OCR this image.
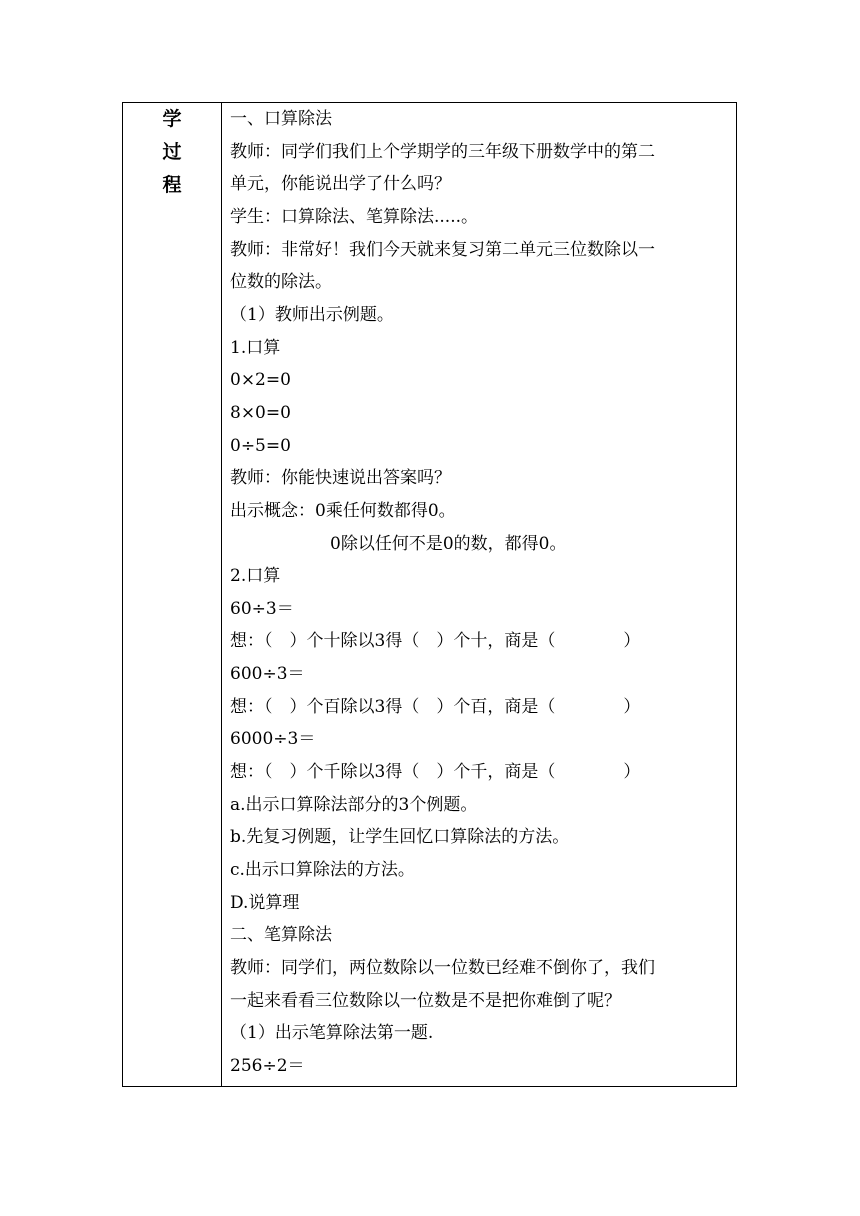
学
过
程
一、口算除法
教师：同学们我们上个学期学的三年级下册数学中的第二
单元，你能说出学了什么吗？
学生：口算除法、笔算除法.....。
教师：非常好！我们今天就来复习第二单元三位数除以一
位数的除法。
（1）教师出示例题。
1.口算
0×2=0
8×0=0
0÷5=0
教师：你能快速说出答案吗？
出示概念：0乘任何数都得0。
0除以任何不是0的数，都得0。
2.口算
60÷3＝
想：（　）个十除以3得（　）个十，商是（　　　　）
600÷3＝
想：（　）个百除以3得（　）个百，商是（　　　　）
6000÷3＝
想：（　）个千除以3得（　）个千，商是（　　　　）
a.出示口算除法部分的3个例题。
b.先复习例题，让学生回忆口算除法的方法。
c.出示口算除法的方法。
D.说算理
二、笔算除法
教师：同学们，两位数除以一位数已经难不倒你了，我们
一起来看看三位数除以一位数是不是把你难倒了呢？
（1）出示笔算除法第一题.
256÷2＝
